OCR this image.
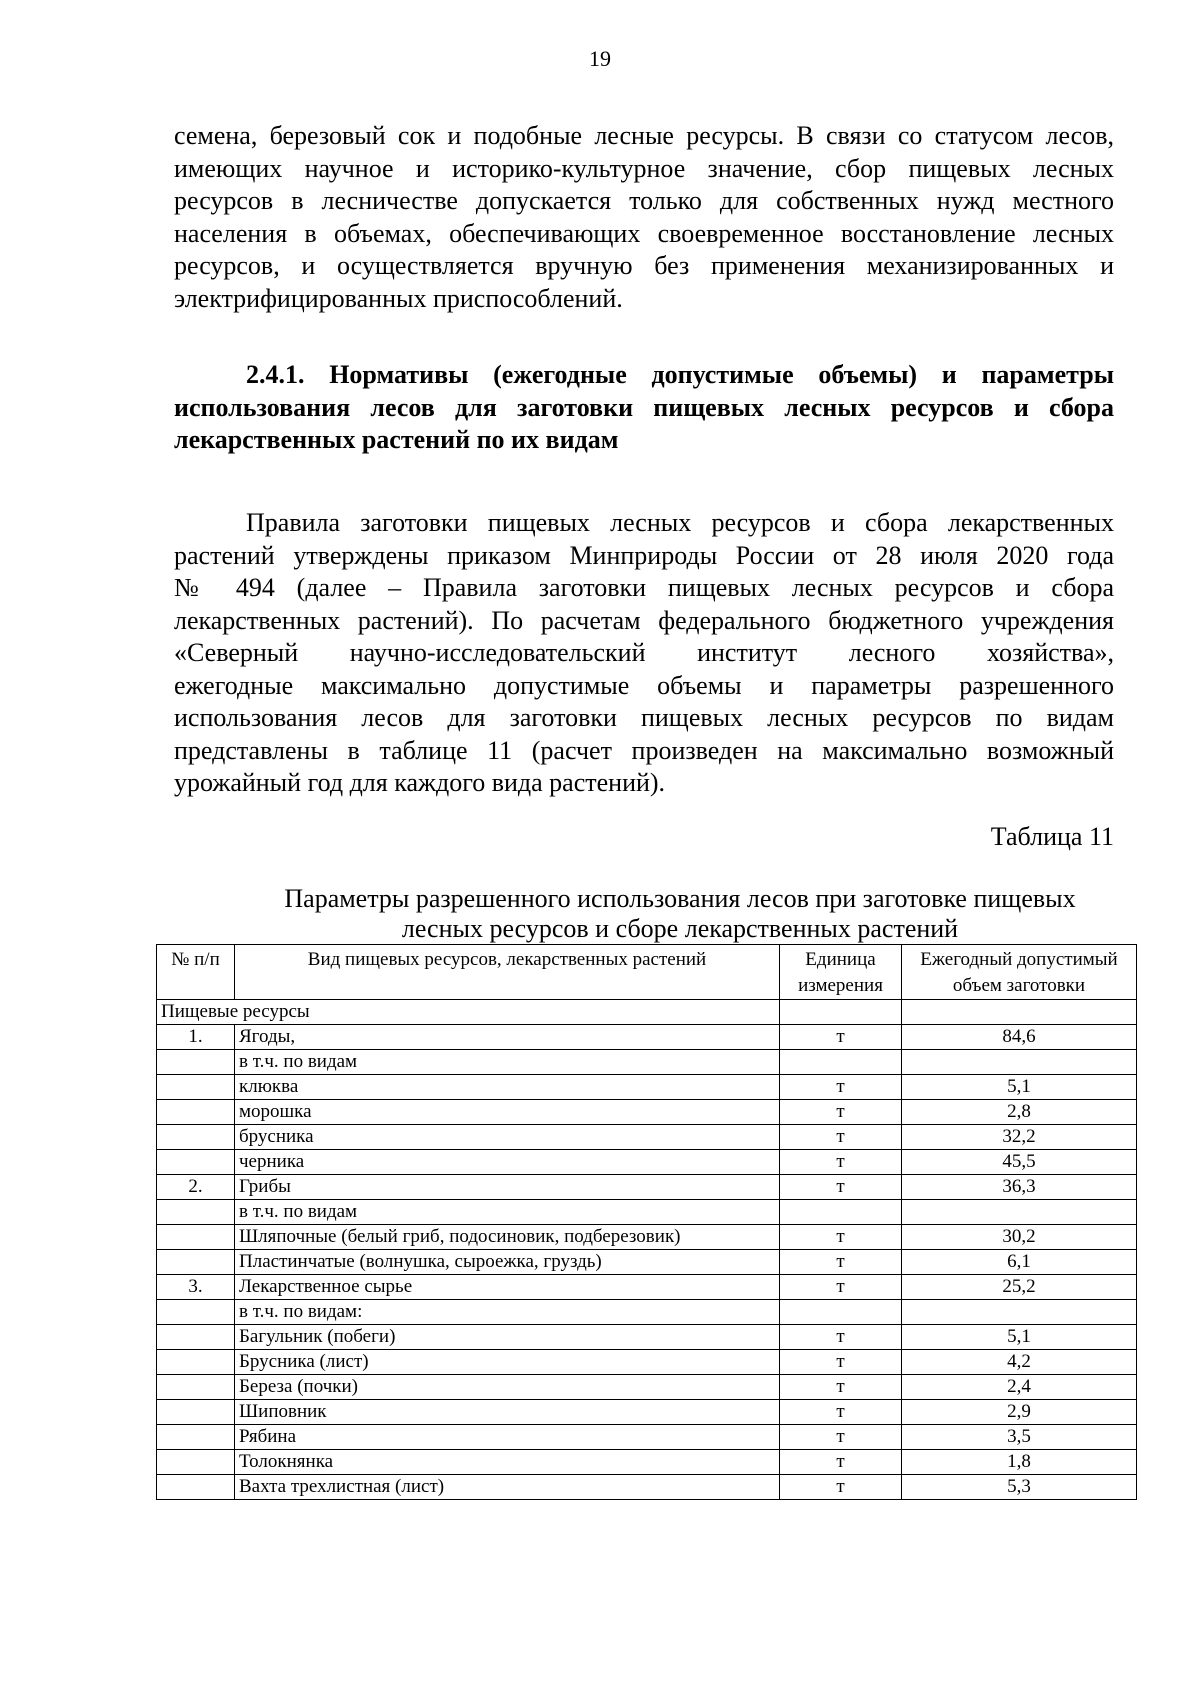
19

семена, березовый сок и подобные лесные ресурсы. В связи со статусом лесов,
имеющих научное и историко-культурное значение, сбор пищевых лесных
ресурсов в лесничестве допускается только для собственных нужд местного
населения в объемах, обеспечивающих своевременное восстановление лесных
ресурсов, и осуществляется вручную без применения механизированных и
электрифицированных приспособлений.

2.4.1. Нормативы (ежегодные допустимые объемы) и параметры
использования лесов для заготовки пищевых лесных ресурсов и сбора
лекарственных растений по их видам

Правила заготовки пищевых лесных ресурсов и сбора лекарственных
растений утверждены приказом Минприроды России от 28 июля 2020 года
№ 494 (далее – Правила заготовки пищевых лесных ресурсов и сбора
лекарственных растений). По расчетам федерального бюджетного учреждения
«Северный научно-исследовательский институт лесного хозяйства»,
ежегодные максимально допустимые объемы и параметры разрешенного
использования лесов для заготовки пищевых лесных ресурсов по видам
представлены в таблице 11 (расчет произведен на максимально возможный
урожайный год для каждого вида растений).

Таблица 11
Параметры разрешенного использования лесов при заготовке пищевых
лесных ресурсов и сборе лекарственных растений
№ п/п	Вид пищевых ресурсов, лекарственных растений	Единица измерения	Ежегодный допустимый объем заготовки
Пищевые ресурсы			
1.	Ягоды,	т	84,6
	в т.ч. по видам		
	клюква	т	5,1
	морошка	т	2,8
	брусника	т	32,2
	черника	т	45,5
2.	Грибы	т	36,3
	в т.ч. по видам		
	Шляпочные (белый гриб, подосиновик, подберезовик)	т	30,2
	Пластинчатые (волнушка, сыроежка, груздь)	т	6,1
3.	Лекарственное сырье	т	25,2
	в т.ч. по видам:		
	Багульник (побеги)	т	5,1
	Брусника (лист)	т	4,2
	Береза (почки)	т	2,4
	Шиповник	т	2,9
	Рябина	т	3,5
	Толокнянка	т	1,8
	Вахта трехлистная (лист)	т	5,3
